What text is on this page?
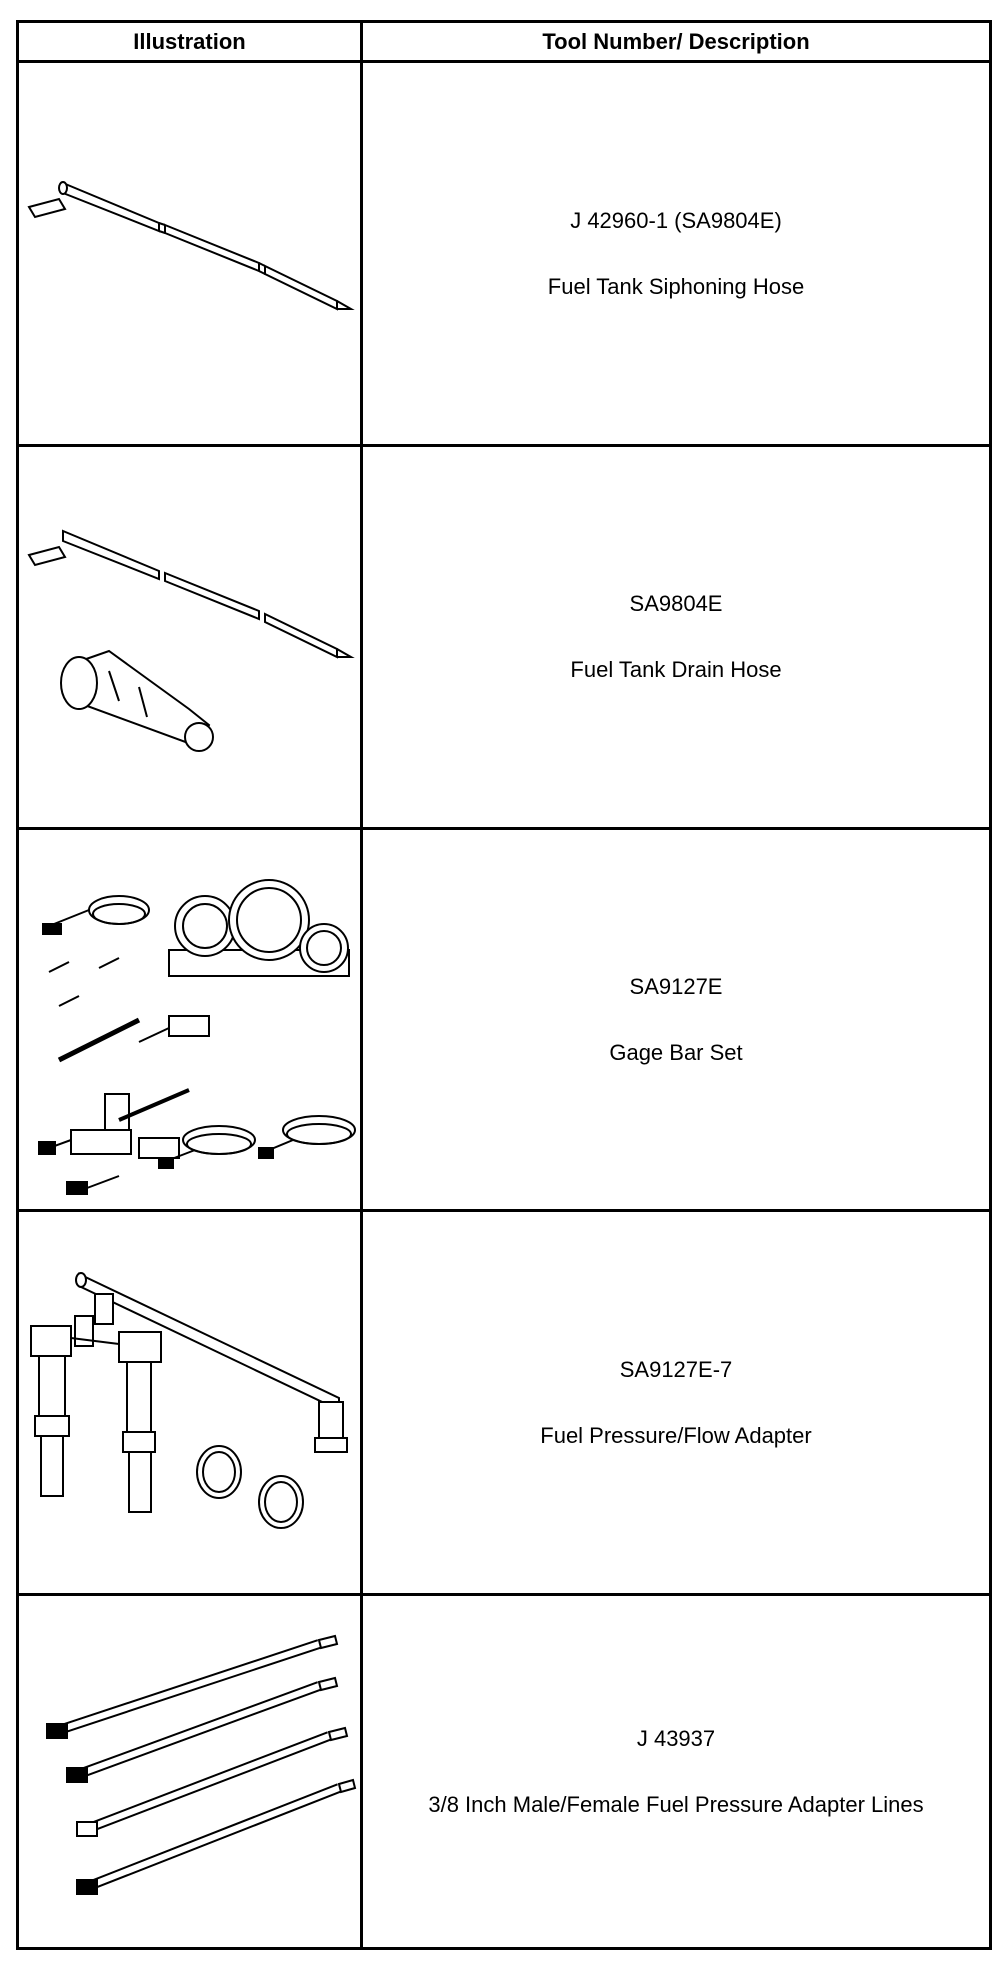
Illustration	Tool Number/ Description
J 42960-1 (SA9804E)
Fuel Tank Siphoning Hose
SA9804E
Fuel Tank Drain Hose
SA9127E
Gage Bar Set
SA9127E-7
Fuel Pressure/Flow Adapter
J 43937
3/8 Inch Male/Female Fuel Pressure Adapter Lines
